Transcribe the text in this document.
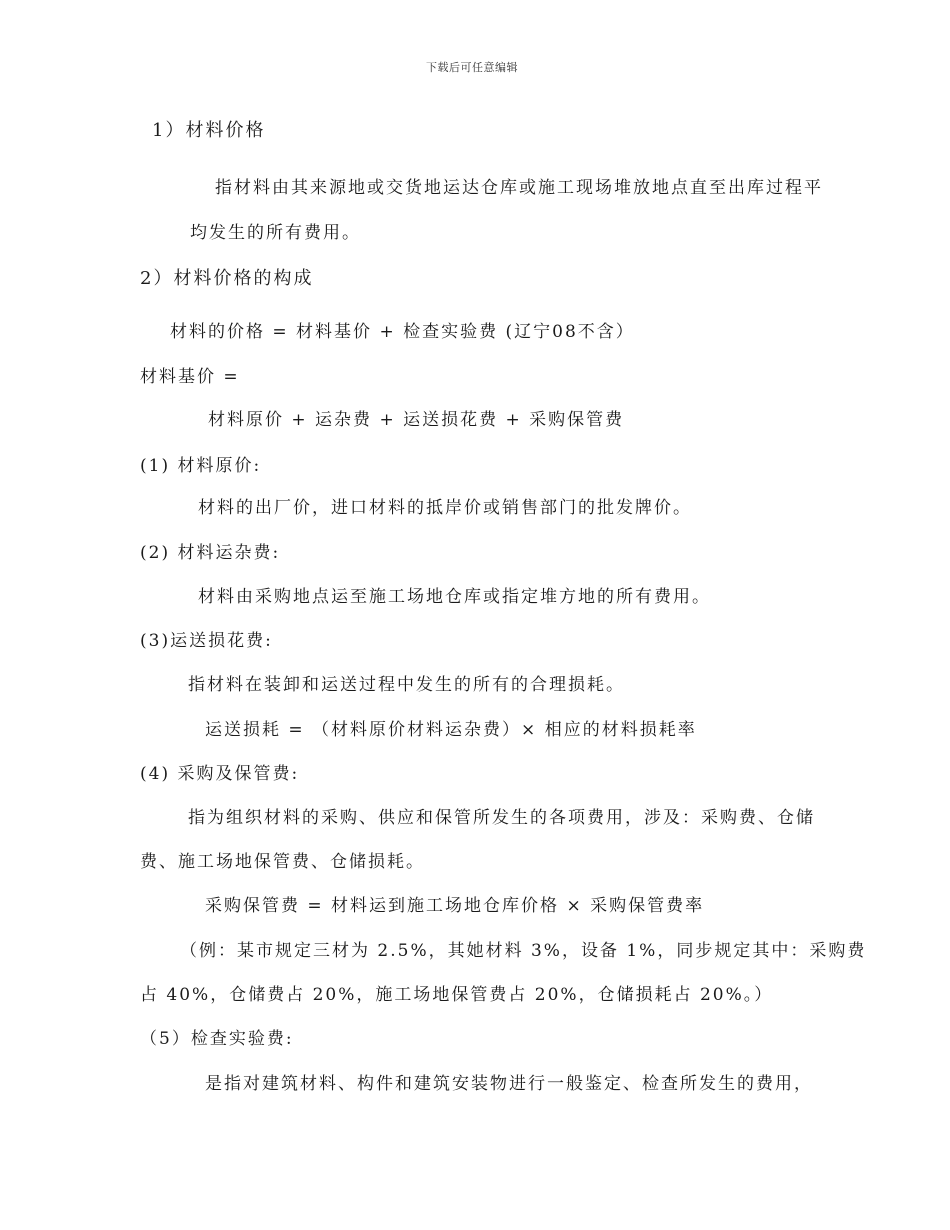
下载后可任意编辑
1）材料价格
指材料由其来源地或交货地运达仓库或施工现场堆放地点直至出库过程平
均发生的所有费用。
2）材料价格的构成
材料的价格 = 材料基价 + 检查实验费 (辽宁08不含）
材料基价 =
材料原价 + 运杂费 + 运送损花费 + 采购保管费
(1) 材料原价:
材料的出厂价，进口材料的抵岸价或销售部门的批发牌价。
(2) 材料运杂费:
材料由采购地点运至施工场地仓库或指定堆方地的所有费用。
(3)运送损花费:
指材料在装卸和运送过程中发生的所有的合理损耗。
运送损耗 = （材料原价材料运杂费）× 相应的材料损耗率
(4) 采购及保管费:
指为组织材料的采购、供应和保管所发生的各项费用，涉及：采购费、仓储
费、施工场地保管费、仓储损耗。
采购保管费 = 材料运到施工场地仓库价格 × 采购保管费率
（例：某市规定三材为 2.5%，其她材料 3%，设备 1%，同步规定其中：采购费
占 40%，仓储费占 20%，施工场地保管费占 20%，仓储损耗占 20%。）
（5）检查实验费:
是指对建筑材料、构件和建筑安装物进行一般鉴定、检查所发生的费用，
